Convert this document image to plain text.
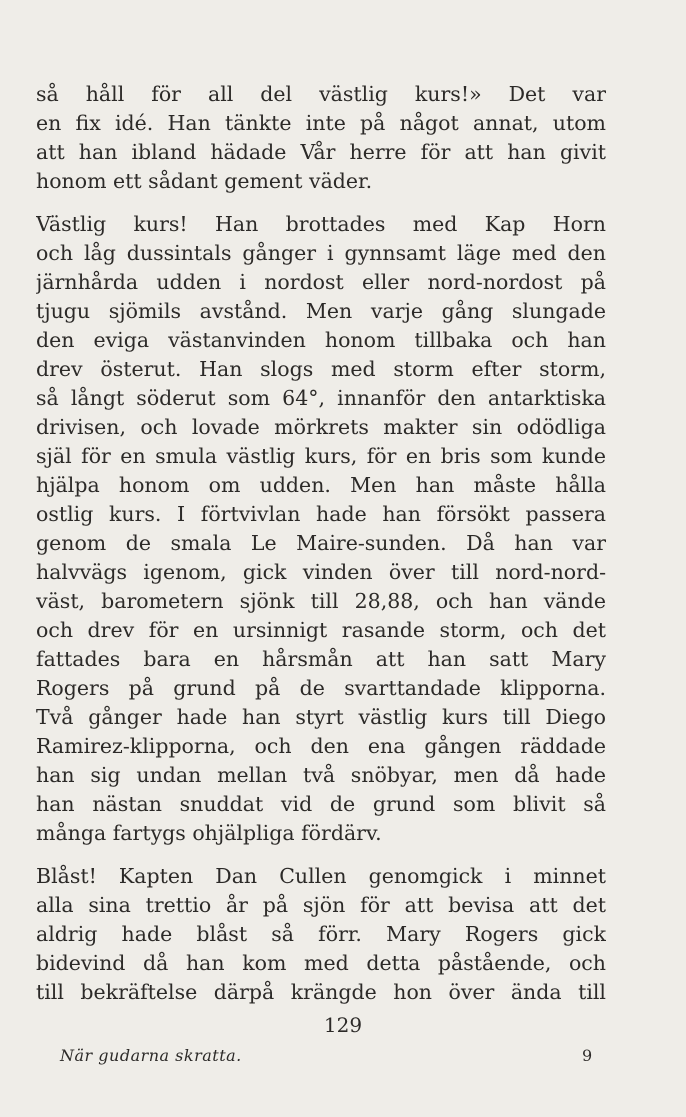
så håll för all del västlig kurs!» Det var
en fix idé. Han tänkte inte på något annat, utom
att han ibland hädade Vår herre för att han givit
honom ett sådant gement väder.
Västlig kurs! Han brottades med Kap Horn
och låg dussintals gånger i gynnsamt läge med den
järnhårda udden i nordost eller nord-nordost på
tjugu sjömils avstånd. Men varje gång slungade
den eviga västanvinden honom tillbaka och han
drev österut. Han slogs med storm efter storm,
så långt söderut som 64°, innanför den antarktiska
drivisen, och lovade mörkrets makter sin odödliga
själ för en smula västlig kurs, för en bris som kunde
hjälpa honom om udden. Men han måste hålla
ostlig kurs. I förtvivlan hade han försökt passera
genom de smala Le Maire-sunden. Då han var
halvvägs igenom, gick vinden över till nord-nord-
väst, barometern sjönk till 28,88, och han vände
och drev för en ursinnigt rasande storm, och det
fattades bara en hårsmån att han satt Mary
Rogers på grund på de svarttandade klipporna.
Två gånger hade han styrt västlig kurs till Diego
Ramirez-klipporna, och den ena gången räddade
han sig undan mellan två snöbyar, men då hade
han nästan snuddat vid de grund som blivit så
många fartygs ohjälpliga fördärv.
Blåst! Kapten Dan Cullen genomgick i minnet
alla sina trettio år på sjön för att bevisa att det
aldrig hade blåst så förr. Mary Rogers gick
bidevind då han kom med detta påstående, och
till bekräftelse därpå krängde hon över ända till
129
När gudarna skratta.	9
